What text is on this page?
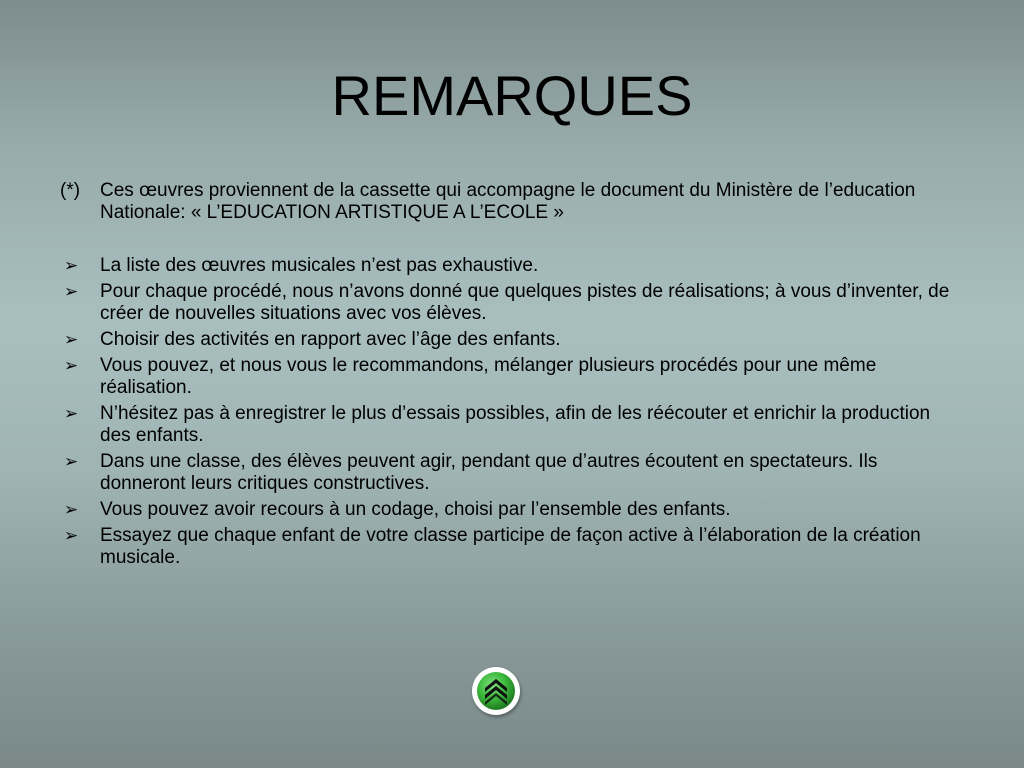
REMARQUES
(*) Ces œuvres proviennent de la cassette qui accompagne le document du Ministère de l’education Nationale: « L’EDUCATION ARTISTIQUE A L’ECOLE »
➢ La liste des œuvres musicales n’est pas exhaustive.
➢ Pour chaque procédé, nous n’avons donné que quelques pistes de réalisations; à vous d’inventer, de créer de nouvelles situations avec vos élèves.
➢ Choisir des activités en rapport avec l’âge des enfants.
➢ Vous pouvez, et nous vous le recommandons, mélanger plusieurs procédés pour une même réalisation.
➢ N’hésitez pas à enregistrer le plus d’essais possibles, afin de les réécouter et enrichir la production des enfants.
➢ Dans une classe, des élèves peuvent agir, pendant que d’autres écoutent en spectateurs. Ils donneront leurs critiques constructives.
➢ Vous pouvez avoir recours à un codage, choisi par l’ensemble des enfants.
➢ Essayez que chaque enfant de votre classe participe de façon active à l’élaboration de la création musicale.
